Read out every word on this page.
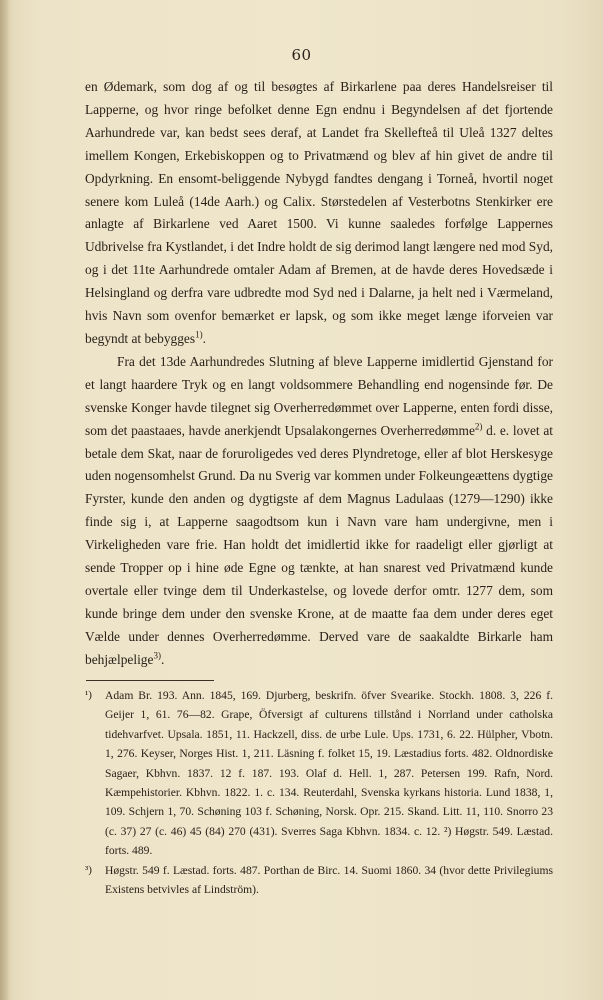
60

en Ødemark, som dog af og til besøgtes af Birkarlene paa deres Handelsreiser til Lapperne, og hvor ringe befolket denne Egn endnu i Begyndelsen af det fjortende Aarhundrede var, kan bedst sees deraf, at Landet fra Skellefteå til Uleå 1327 deltes imellem Kongen, Erkebiskoppen og to Privatmænd og blev af hin givet de andre til Opdyrkning. En ensomt-beliggende Nybygd fandtes dengang i Torneå, hvortil noget senere kom Luleå (14de Aarh.) og Calix. Størstedelen af Vesterbotns Stenkirker ere anlagte af Birkarlene ved Aaret 1500. Vi kunne saaledes forfølge Lappernes Udbrivelse fra Kystlandet, i det Indre holdt de sig derimod langt længere ned mod Syd, og i det 11te Aarhundrede omtaler Adam af Bremen, at de havde deres Hovedsæde i Helsingland og derfra vare udbredte mod Syd ned i Dalarne, ja helt ned i Værmeland, hvis Navn som ovenfor bemærket er lapsk, og som ikke meget længe iforveien var begyndt at bebygges$^{1)}$.

Fra det 13de Aarhundredes Slutning af bleve Lapperne imidlertid Gjenstand for et langt haardere Tryk og en langt voldsommere Behandling end nogensinde før. De svenske Konger havde tilegnet sig Overherredømmet over Lapperne, enten fordi disse, som det paastaaes, havde anerkjendt Upsalakongernes Overherredømme$^{2)}$ d. e. lovet at betale dem Skat, naar de foruroligedes ved deres Plyndretoge, eller af blot Herskesyge uden nogensomhelst Grund. Da nu Sverig var kommen under Folkeungeættens dygtige Fyrster, kunde den anden og dygtigste af dem Magnus Ladulaas (1279—1290) ikke finde sig i, at Lapperne saagodtsom kun i Navn vare ham undergivne, men i Virkeligheden vare frie. Han holdt det imidlertid ikke for raadeligt eller gjørligt at sende Tropper op i hine øde Egne og tænkte, at han snarest ved Privatmænd kunde overtale eller tvinge dem til Underkastelse, og lovede derfor omtr. 1277 dem, som kunde bringe dem under den svenske Krone, at de maatte faa dem under deres eget Vælde under dennes Overherredømme. Derved vare de saakaldte Birkarle ham behjælpelige$^{3)}$.

¹) Adam Br. 193. Ann. 1845, 169. Djurberg, beskrifn. öfver Svearike. Stockh. 1808. 3, 226 f. Geijer 1, 61. 76—82. Grape, Öfversigt af culturens tillstånd i Norrland under catholska tidehvarfvet. Upsala. 1851, 11. Hackzell, diss. de urbe Lule. Ups. 1731, 6. 22. Hülpher, Vbotn. 1, 276. Keyser, Norges Hist. 1, 211. Läsning f. folket 15, 19. Læstadius forts. 482. Oldnordiske Sagaer, Kbhvn. 1837. 12 f. 187. 193. Olaf d. Hell. 1, 287. Petersen 199. Rafn, Nord. Kæmpehistorier. Kbhvn. 1822. 1. c. 134. Reuterdahl, Svenska kyrkans historia. Lund 1838, 1, 109. Schjern 1, 70. Schøning 103 f. Schøning, Norsk. Opr. 215. Skand. Litt. 11, 110. Snorro 23 (c. 37) 27 (c. 46) 45 (84) 270 (431). Sverres Saga Kbhvn. 1834. c. 12. ²) Høgstr. 549. Læstad. forts. 489.

³) Høgstr. 549 f. Læstad. forts. 487. Porthan de Birc. 14. Suomi 1860. 34 (hvor dette Privilegiums Existens betvivles af Lindström).
